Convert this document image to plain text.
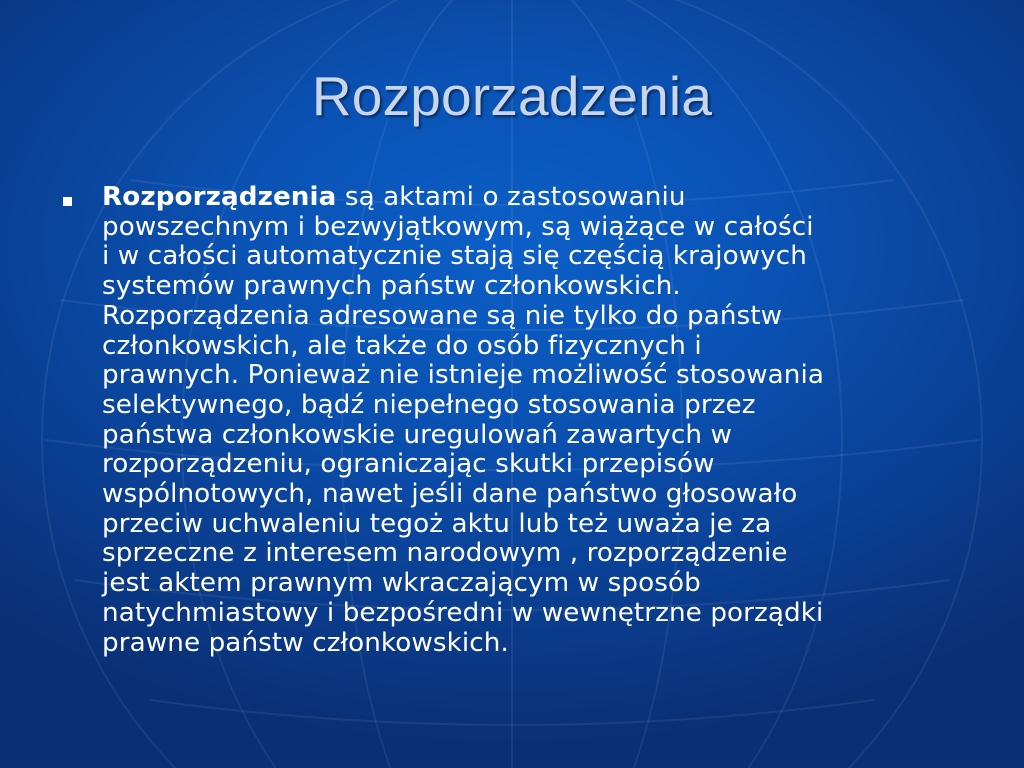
Rozporzadzenia
Rozporządzenia są aktami o zastosowaniu
powszechnym i bezwyjątkowym, są wiążące w całości
i w całości automatycznie stają się częścią krajowych
systemów prawnych państw członkowskich.
Rozporządzenia adresowane są nie tylko do państw
członkowskich, ale także do osób fizycznych i
prawnych. Ponieważ nie istnieje możliwość stosowania
selektywnego, bądź niepełnego stosowania przez
państwa członkowskie uregulowań zawartych w
rozporządzeniu, ograniczając skutki przepisów
wspólnotowych, nawet jeśli dane państwo głosowało
przeciw uchwaleniu tegoż aktu lub też uważa je za
sprzeczne z interesem narodowym , rozporządzenie
jest aktem prawnym wkraczającym w sposób
natychmiastowy i bezpośredni w wewnętrzne porządki
prawne państw członkowskich.
